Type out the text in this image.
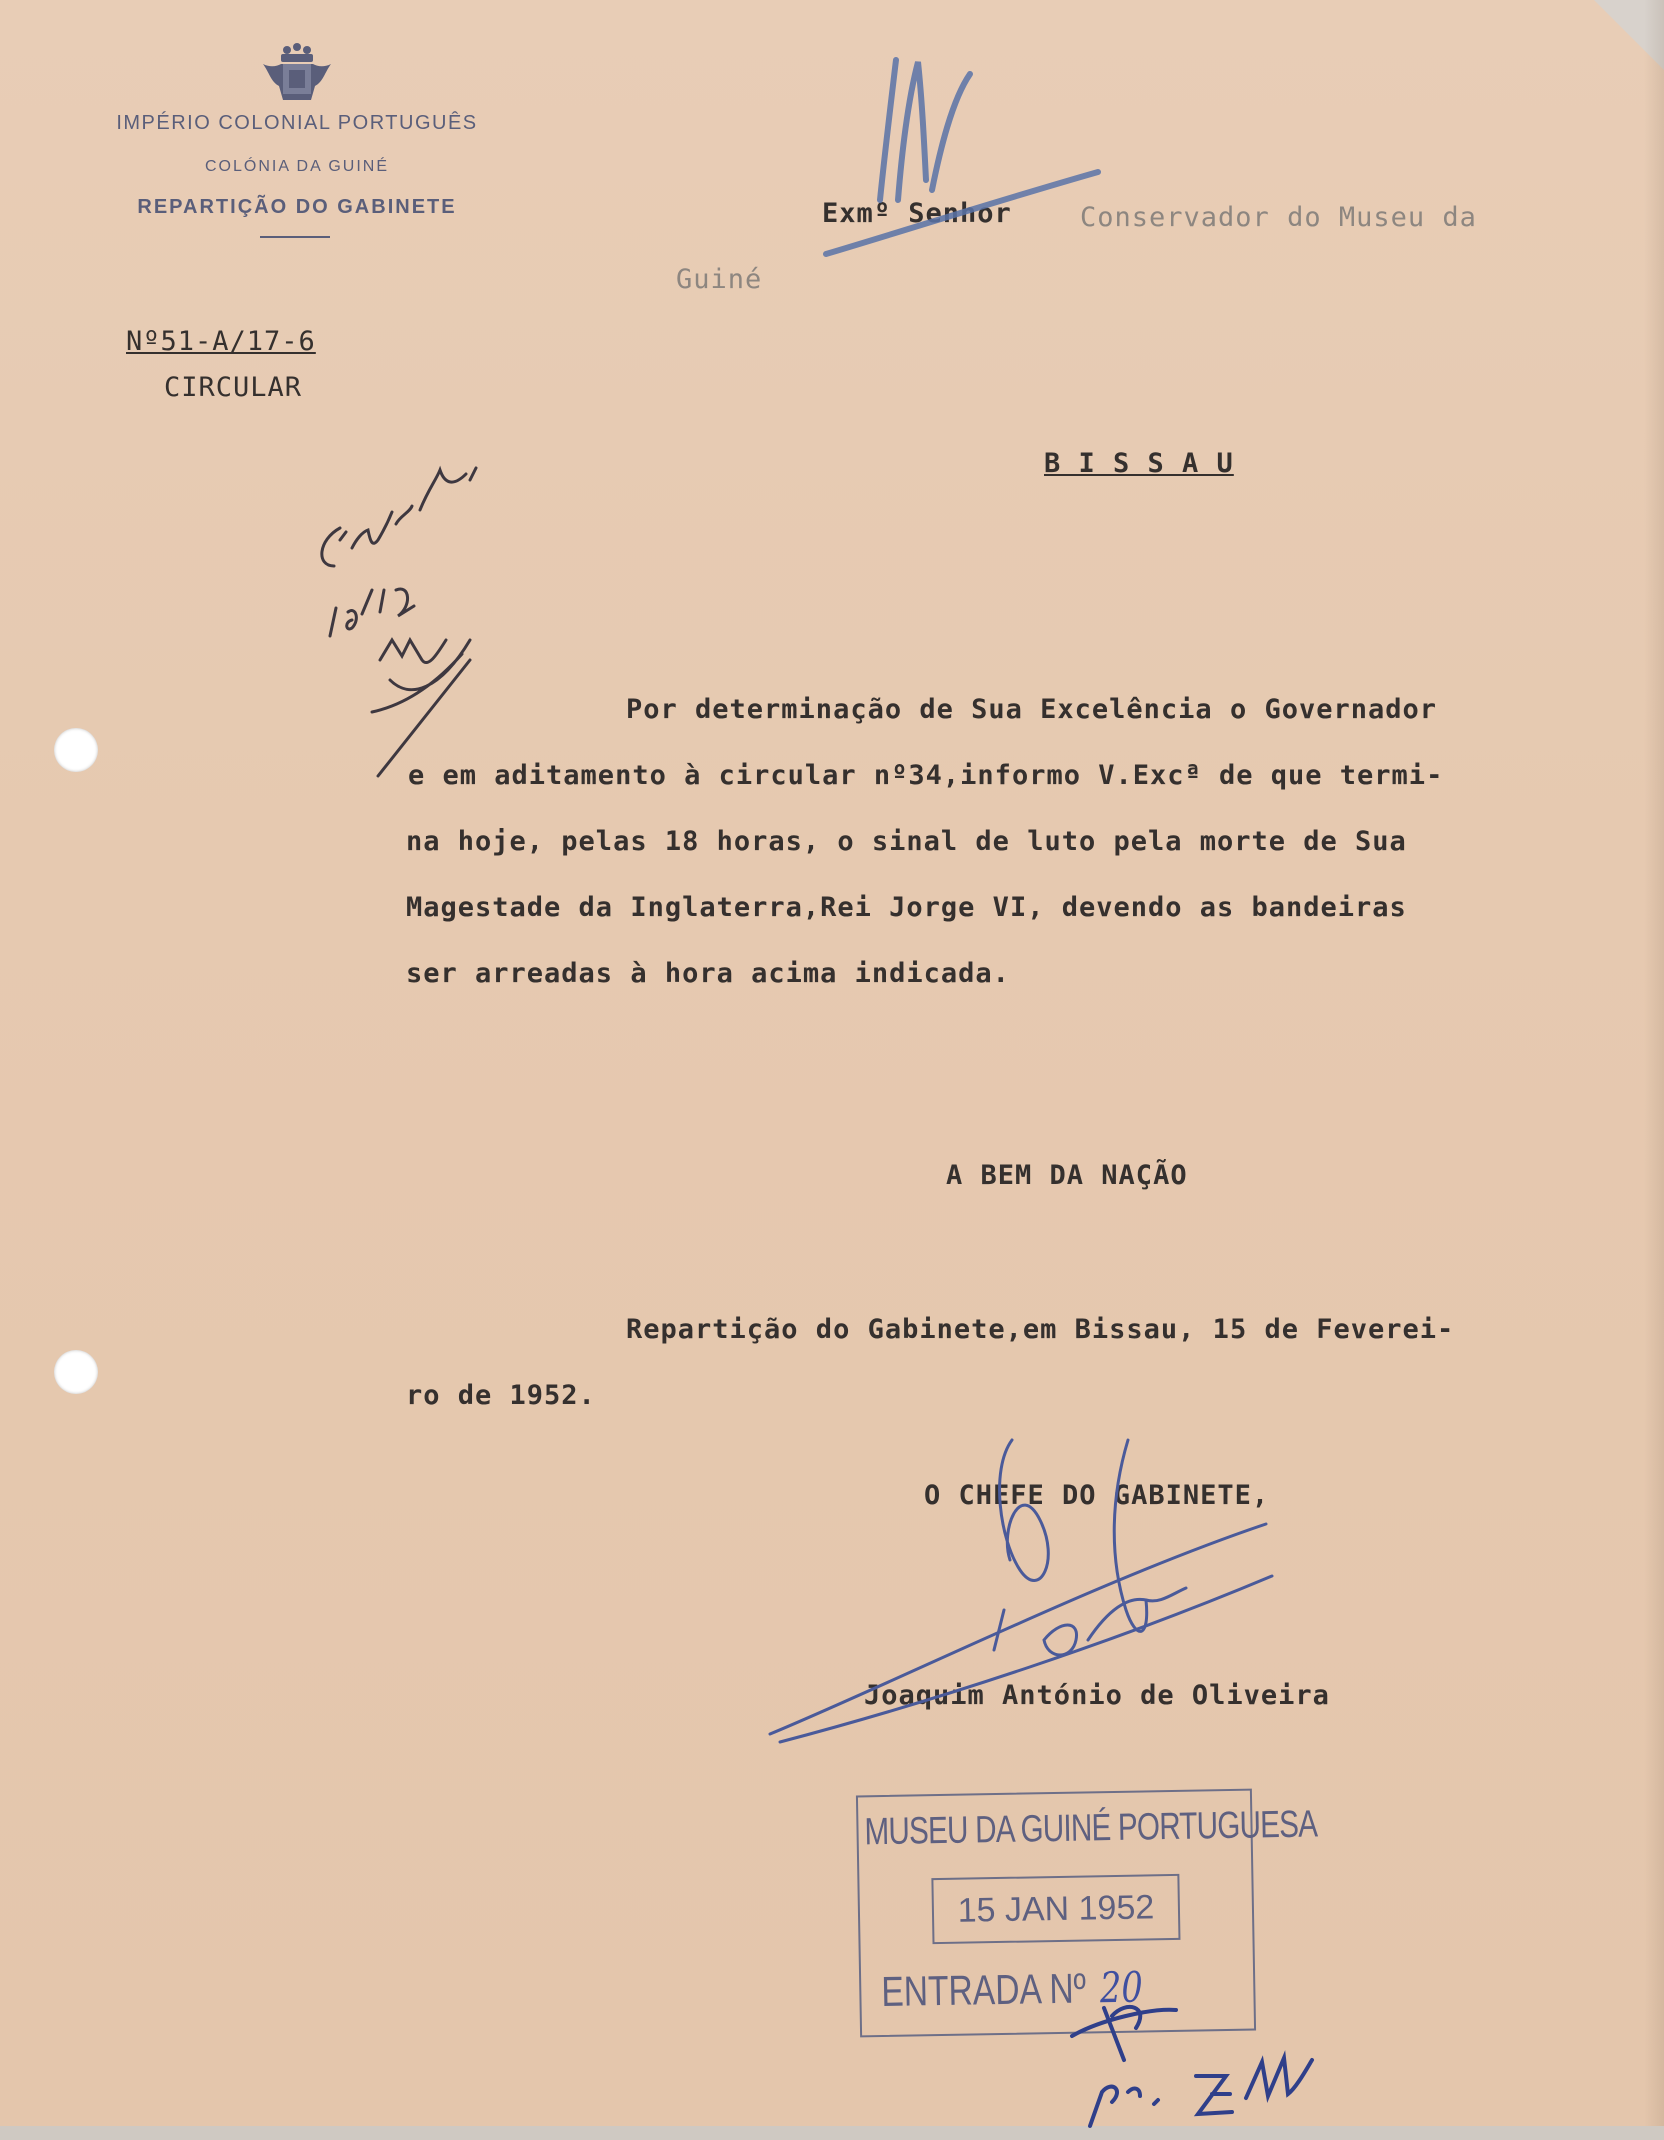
IMPÉRIO COLONIAL PORTUGUÊS
COLÓNIA DA GUINÉ
REPARTIÇÃO DO GABINETE
Nº51-A/17-6
CIRCULAR
Exmº Senhor	Conservador do Museu da
Guiné
B I S S A U
Por determinação de Sua Excelência o Governador
e em aditamento à circular nº34,informo V.Excª de que termi-
na hoje, pelas 18 horas, o sinal de luto pela morte de Sua
Magestade da Inglaterra,Rei Jorge VI, devendo as bandeiras
ser arreadas à hora acima indicada.
A BEM DA NAÇÃO
Repartição do Gabinete,em Bissau, 15 de Feverei-
ro de 1952.
O CHEFE DO GABINETE,
Joaquim António de Oliveira
MUSEU DA GUINÉ PORTUGUESA
15 JAN 1952
ENTRADA Nº 20
